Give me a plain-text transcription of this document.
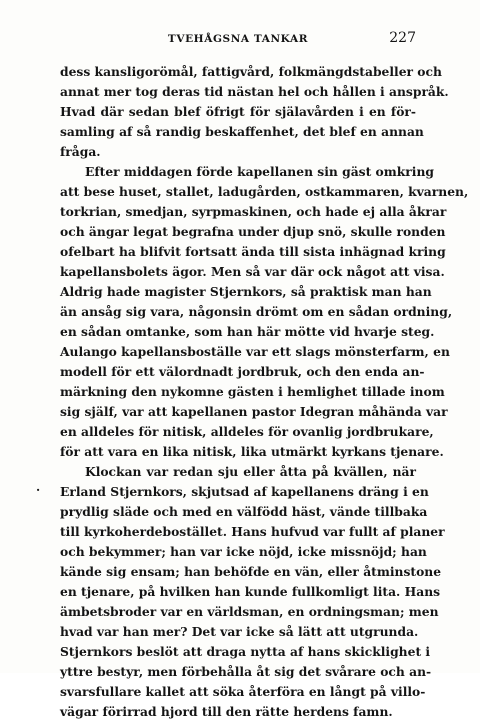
TVEHÅGSNA TANKAR	227
·
dess kansligorömål, fattigvård, folkmängdstabeller och
annat mer tog deras tid nästan hel och hållen i anspråk.
Hvad där sedan blef öfrigt för själavården i en för-
samling af så randig beskaffenhet, det blef en annan
fråga.
Efter middagen förde kapellanen sin gäst omkring
att bese huset, stallet, ladugården, ostkammaren, kvarnen,
torkrian, smedjan, syrpmaskinen, och hade ej alla åkrar
och ängar legat begrafna under djup snö, skulle ronden
ofelbart ha blifvit fortsatt ända till sista inhägnad kring
kapellansbolets ägor. Men så var där ock något att visa.
Aldrig hade magister Stjernkors, så praktisk man han
än ansåg sig vara, någonsin drömt om en sådan ordning,
en sådan omtanke, som han här mötte vid hvarje steg.
Aulango kapellansboställe var ett slags mönsterfarm, en
modell för ett välordnadt jordbruk, och den enda an-
märkning den nykomne gästen i hemlighet tillade inom
sig själf, var att kapellanen pastor Idegran måhända var
en alldeles för nitisk, alldeles för ovanlig jordbrukare,
för att vara en lika nitisk, lika utmärkt kyrkans tjenare.
Klockan var redan sju eller åtta på kvällen, när
Erland Stjernkors, skjutsad af kapellanens dräng i en
prydlig släde och med en välfödd häst, vände tillbaka
till kyrkoherdebostället. Hans hufvud var fullt af planer
och bekymmer; han var icke nöjd, icke missnöjd; han
kände sig ensam; han behöfde en vän, eller åtminstone
en tjenare, på hvilken han kunde fullkomligt lita. Hans
ämbetsbroder var en världsman, en ordningsman; men
hvad var han mer? Det var icke så lätt att utgrunda.
Stjernkors beslöt att draga nytta af hans skicklighet i
yttre bestyr, men förbehålla åt sig det svårare och an-
svarsfullare kallet att söka återföra en långt på villo-
vägar förirrad hjord till den rätte herdens famn.
